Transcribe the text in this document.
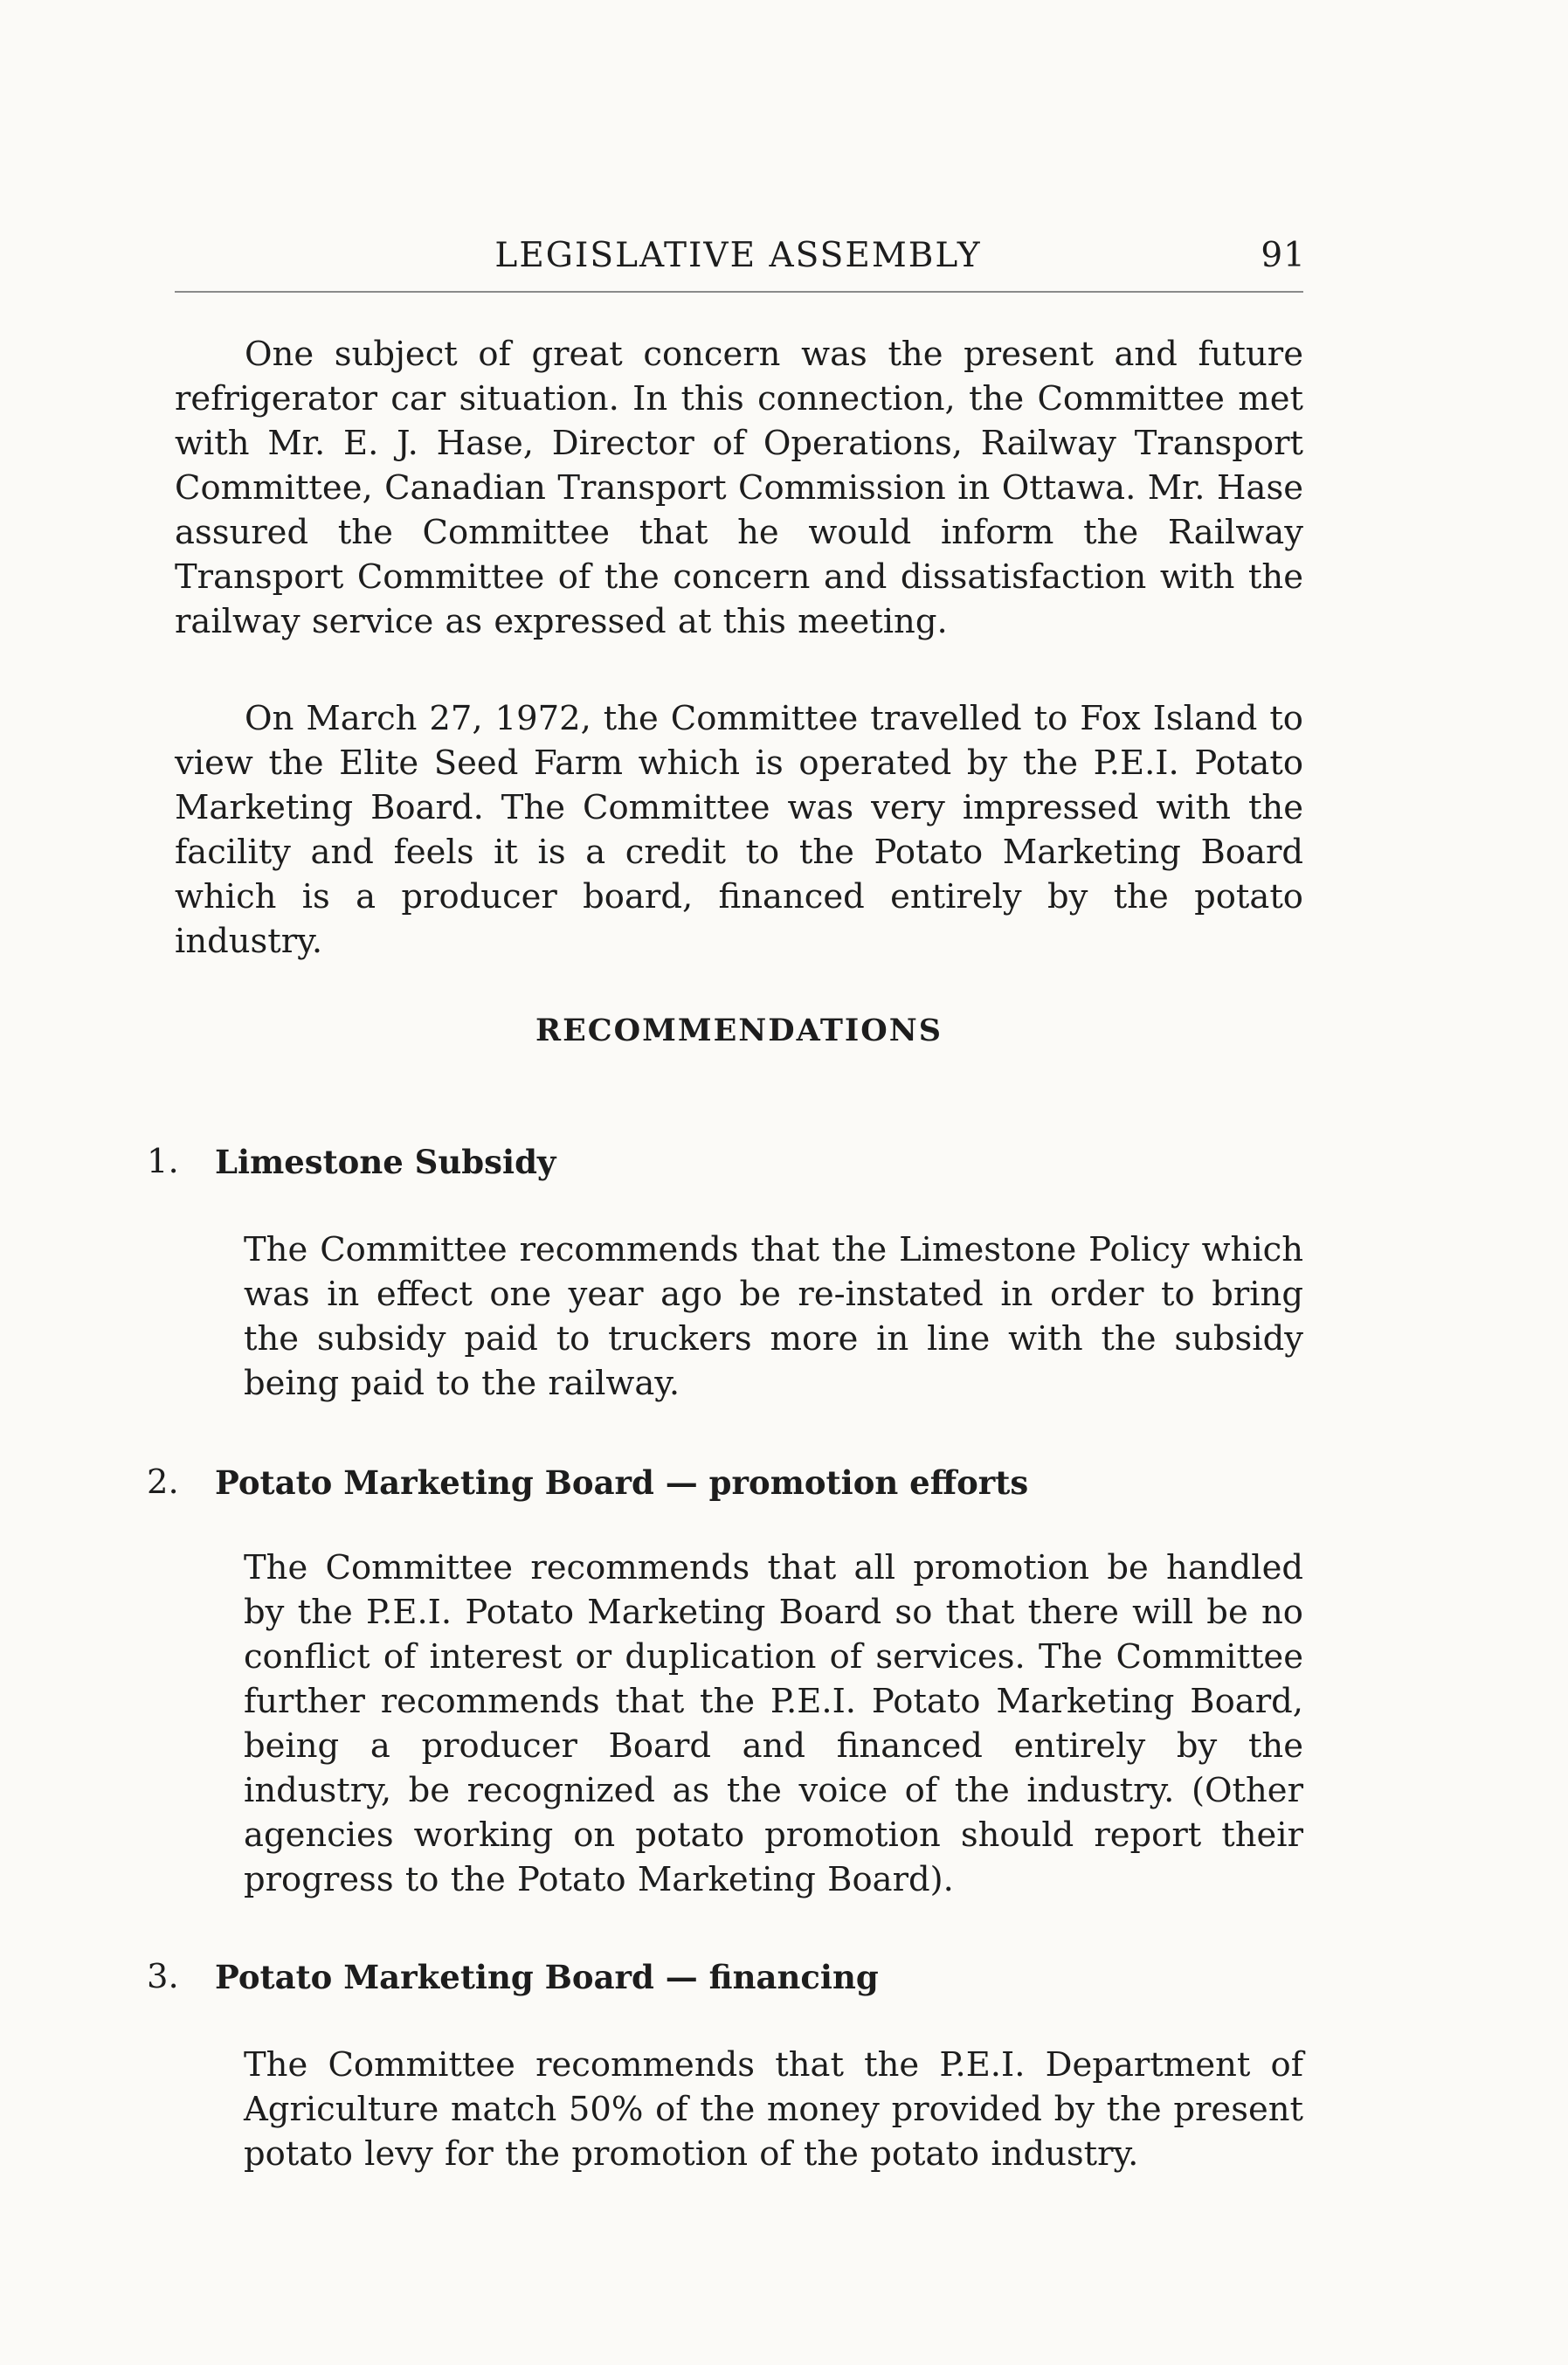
LEGISLATIVE ASSEMBLY	91

One subject of great concern was the present and future refrigerator car situation. In this connection, the Committee met with Mr. E. J. Hase, Director of Operations, Railway Transport Committee, Canadian Transport Commission in Ottawa. Mr. Hase assured the Committee that he would inform the Railway Transport Committee of the concern and dissatisfaction with the railway service as expressed at this meeting.

On March 27, 1972, the Committee travelled to Fox Island to view the Elite Seed Farm which is operated by the P.E.I. Potato Marketing Board. The Committee was very impressed with the facility and feels it is a credit to the Potato Marketing Board which is a producer board, financed entirely by the potato industry.

RECOMMENDATIONS
1. Limestone Subsidy

The Committee recommends that the Limestone Policy which was in effect one year ago be re-instated in order to bring the subsidy paid to truckers more in line with the subsidy being paid to the railway.

2. Potato Marketing Board — promotion efforts

The Committee recommends that all promotion be handled by the P.E.I. Potato Marketing Board so that there will be no conflict of interest or duplication of services. The Committee further recommends that the P.E.I. Potato Marketing Board, being a producer Board and financed entirely by the industry, be recognized as the voice of the industry. (Other agencies working on potato promotion should report their progress to the Potato Marketing Board).

3. Potato Marketing Board — financing

The Committee recommends that the P.E.I. Department of Agriculture match 50% of the money provided by the present potato levy for the promotion of the potato industry.
